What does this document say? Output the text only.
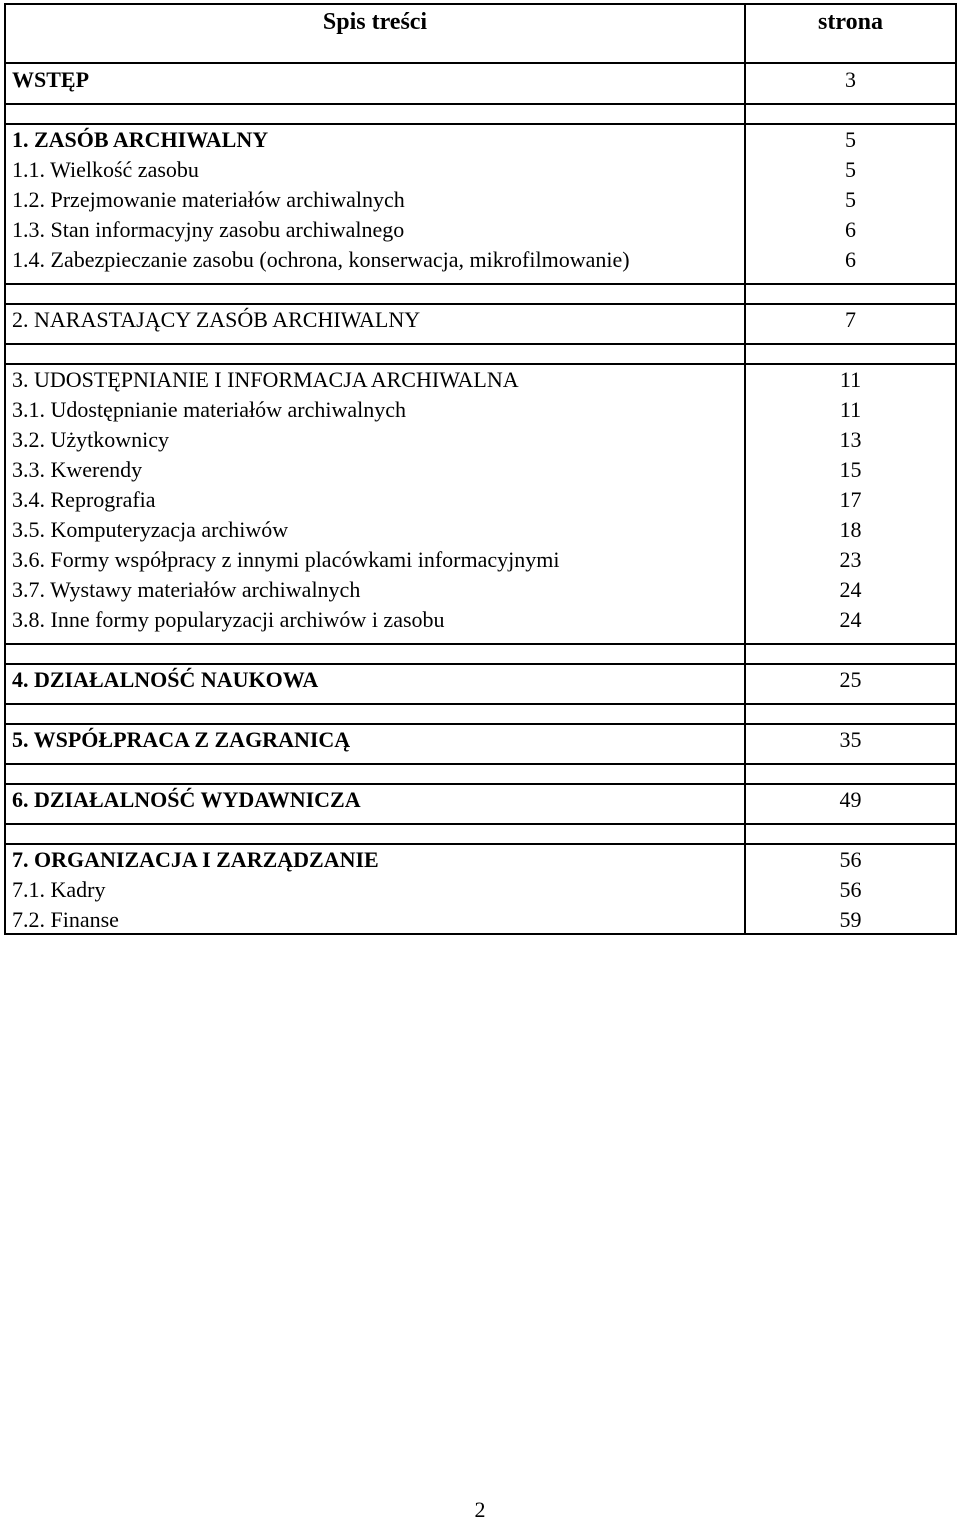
Spis treści	strona
WSTĘP	3
1. ZASÓB ARCHIWALNY	5
1.1. Wielkość zasobu	5
1.2. Przejmowanie materiałów archiwalnych	5
1.3. Stan informacyjny zasobu archiwalnego	6
1.4. Zabezpieczanie zasobu (ochrona, konserwacja, mikrofilmowanie)	6
2. NARASTAJĄCY ZASÓB ARCHIWALNY	7
3. UDOSTĘPNIANIE I INFORMACJA ARCHIWALNA	11
3.1. Udostępnianie materiałów archiwalnych	11
3.2. Użytkownicy	13
3.3. Kwerendy	15
3.4. Reprografia	17
3.5. Komputeryzacja archiwów	18
3.6. Formy współpracy z innymi placówkami informacyjnymi	23
3.7. Wystawy materiałów archiwalnych	24
3.8. Inne formy popularyzacji archiwów i zasobu	24
4. DZIAŁALNOŚĆ NAUKOWA	25
5. WSPÓŁPRACA Z ZAGRANICĄ	35
6. DZIAŁALNOŚĆ WYDAWNICZA	49
7. ORGANIZACJA I ZARZĄDZANIE	56
7.1. Kadry	56
7.2. Finanse	59
2
